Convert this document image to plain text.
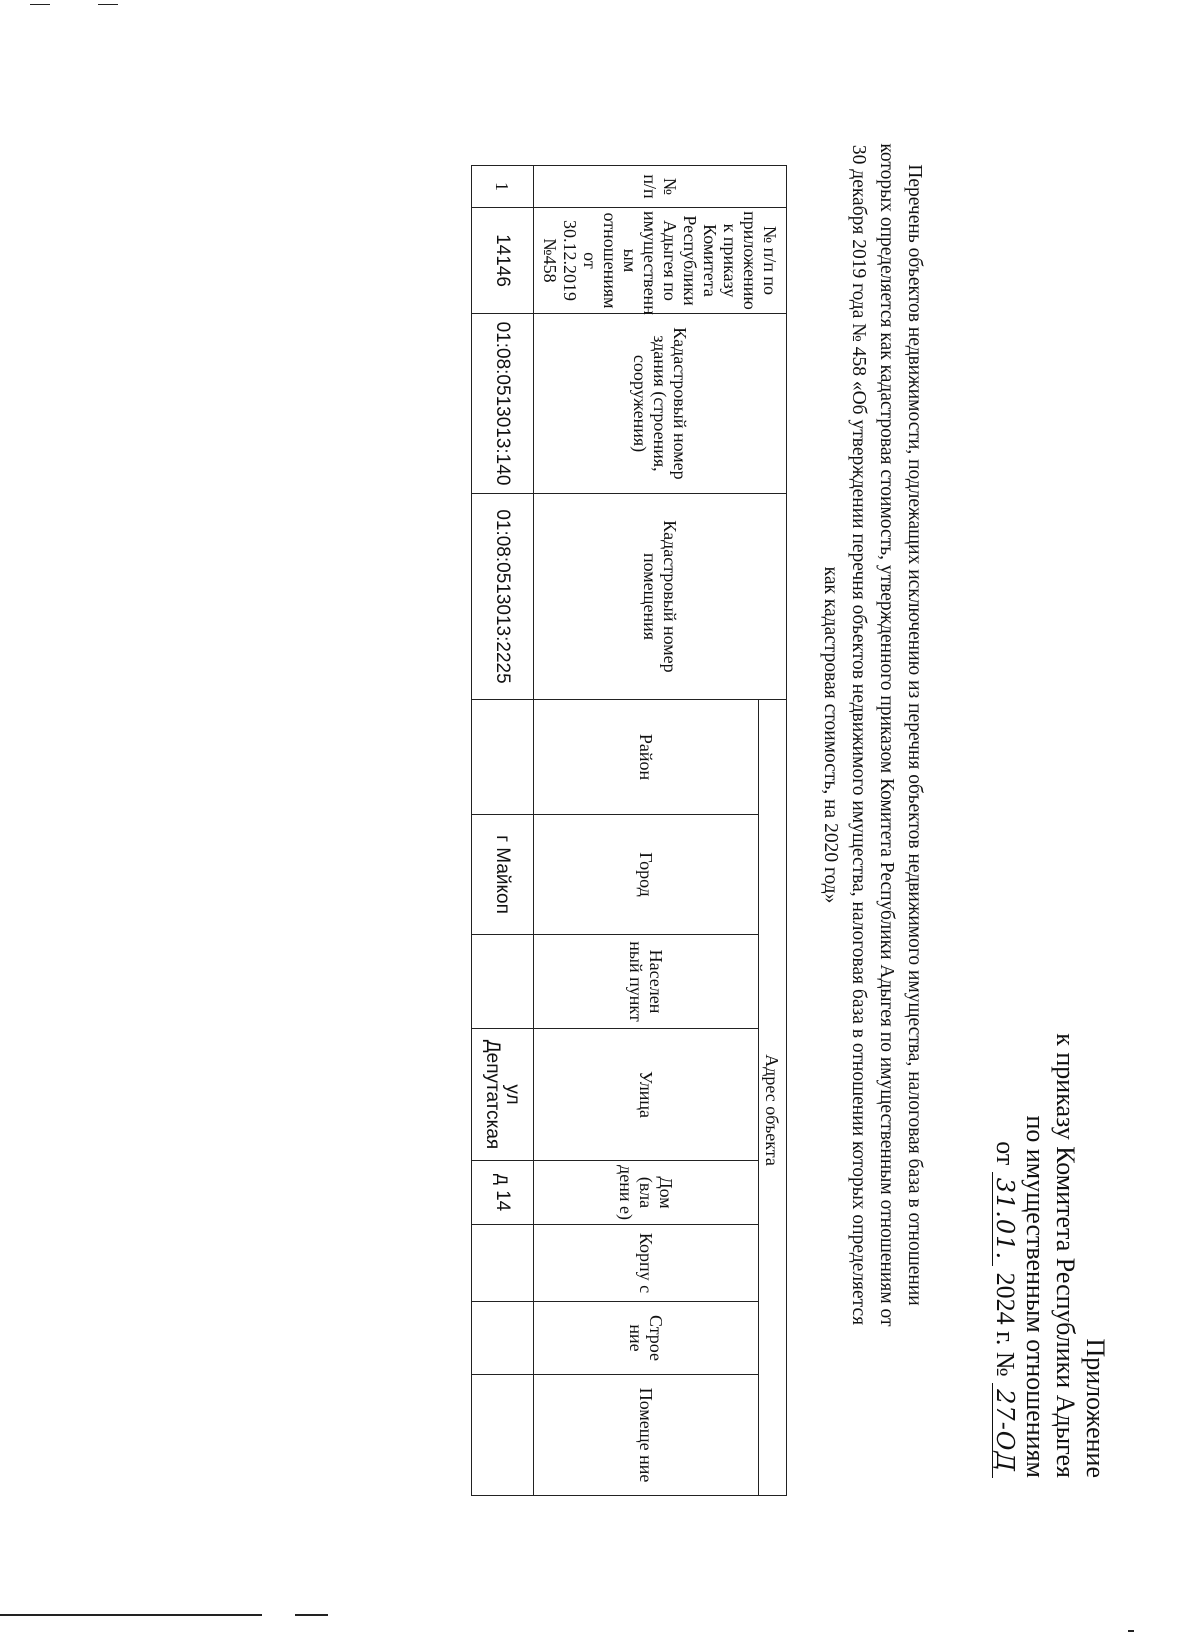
Приложение
к приказу Комитета Республики Адыгея
по имущественным отношениям
от 31.01. 2024 г. № 27-ОД
Перечень объектов недвижимости, подлежащих исключению из перечня объектов недвижимого имущества, налоговая база в отношении которых определяется как кадастровая стоимость, утвержденного приказом Комитета Республики Адыгея по имущественным отношениям от 30 декабря 2019 года № 458 «Об утверждении перечня объектов недвижимого имущества, налоговая база в отношении которых определяется как кадастровая стоимость, на 2020 год»
№ п/п	№ п/п по приложению к приказу Комитета Республики Адыгея по имущественн ым отношениям от 30.12.2019 №458	Кадастровый номер здания (строения, сооружения)	Кадастровый номер помещения	Адрес объекта							
				Район	Город	Населен ный пункт	Улица	Дом (вла дени е)	Корпу с	Строе ние	Помеще ние
1	14146	01:08:0513013:140	01:08:0513013:2225		г Майкоп		ул Депутатская	д 14			
